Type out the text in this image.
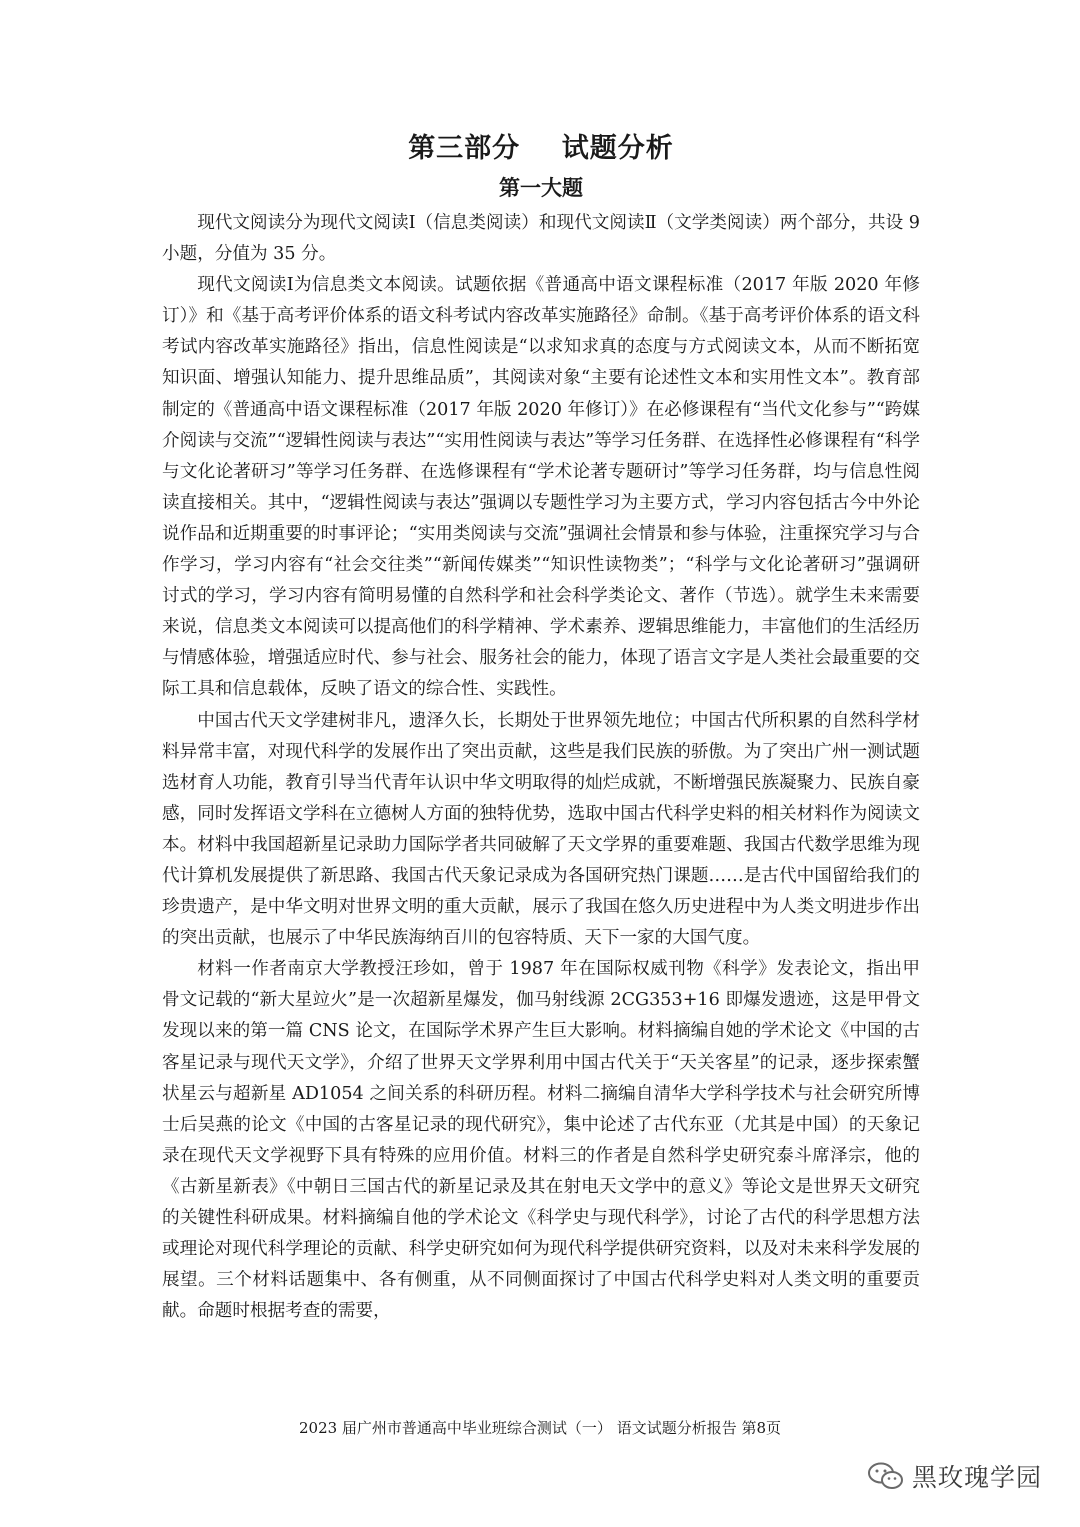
第三部分    试题分析
第一大题

现代文阅读分为现代文阅读Ⅰ（信息类阅读）和现代文阅读Ⅱ（文学类阅读）两个部分，共设 9 小题，分值为 35 分。

现代文阅读Ⅰ为信息类文本阅读。试题依据《普通高中语文课程标准（2017 年版 2020 年修订）》和《基于高考评价体系的语文科考试内容改革实施路径》命制。《基于高考评价体系的语文科考试内容改革实施路径》指出，信息性阅读是“以求知求真的态度与方式阅读文本，从而不断拓宽知识面、增强认知能力、提升思维品质”，其阅读对象“主要有论述性文本和实用性文本”。教育部制定的《普通高中语文课程标准（2017 年版 2020 年修订）》在必修课程有“当代文化参与”“跨媒介阅读与交流”“逻辑性阅读与表达”“实用性阅读与表达”等学习任务群、在选择性必修课程有“科学与文化论著研习”等学习任务群、在选修课程有“学术论著专题研讨”等学习任务群，均与信息性阅读直接相关。其中，“逻辑性阅读与表达”强调以专题性学习为主要方式，学习内容包括古今中外论说作品和近期重要的时事评论；“实用类阅读与交流”强调社会情景和参与体验，注重探究学习与合作学习，学习内容有“社会交往类”“新闻传媒类”“知识性读物类”；“科学与文化论著研习”强调研讨式的学习，学习内容有简明易懂的自然科学和社会科学类论文、著作（节选）。就学生未来需要来说，信息类文本阅读可以提高他们的科学精神、学术素养、逻辑思维能力，丰富他们的生活经历与情感体验，增强适应时代、参与社会、服务社会的能力，体现了语言文字是人类社会最重要的交际工具和信息载体，反映了语文的综合性、实践性。

中国古代天文学建树非凡，遗泽久长，长期处于世界领先地位；中国古代所积累的自然科学材料异常丰富，对现代科学的发展作出了突出贡献，这些是我们民族的骄傲。为了突出广州一测试题选材育人功能，教育引导当代青年认识中华文明取得的灿烂成就，不断增强民族凝聚力、民族自豪感，同时发挥语文学科在立德树人方面的独特优势，选取中国古代科学史料的相关材料作为阅读文本。材料中我国超新星记录助力国际学者共同破解了天文学界的重要难题、我国古代数学思维为现代计算机发展提供了新思路、我国古代天象记录成为各国研究热门课题……是古代中国留给我们的珍贵遗产，是中华文明对世界文明的重大贡献，展示了我国在悠久历史进程中为人类文明进步作出的突出贡献，也展示了中华民族海纳百川的包容特质、天下一家的大国气度。

材料一作者南京大学教授汪珍如，曾于 1987 年在国际权威刊物《科学》发表论文，指出甲骨文记载的“新大星竝火”是一次超新星爆发，伽马射线源 2CG353+16 即爆发遗迹，这是甲骨文发现以来的第一篇 CNS 论文，在国际学术界产生巨大影响。材料摘编自她的学术论文《中国的古客星记录与现代天文学》，介绍了世界天文学界利用中国古代关于“天关客星”的记录，逐步探索蟹状星云与超新星 AD1054 之间关系的科研历程。材料二摘编自清华大学科学技术与社会研究所博士后吴燕的论文《中国的古客星记录的现代研究》，集中论述了古代东亚（尤其是中国）的天象记录在现代天文学视野下具有特殊的应用价值。材料三的作者是自然科学史研究泰斗席泽宗，他的《古新星新表》《中朝日三国古代的新星记录及其在射电天文学中的意义》等论文是世界天文研究的关键性科研成果。材料摘编自他的学术论文《科学史与现代科学》，讨论了古代的科学思想方法或理论对现代科学理论的贡献、科学史研究如何为现代科学提供研究资料，以及对未来科学发展的展望。三个材料话题集中、各有侧重，从不同侧面探讨了中国古代科学史料对人类文明的重要贡献。命题时根据考查的需要，

2023 届广州市普通高中毕业班综合测试（一） 语文试题分析报告 第8页
黑玫瑰学园
